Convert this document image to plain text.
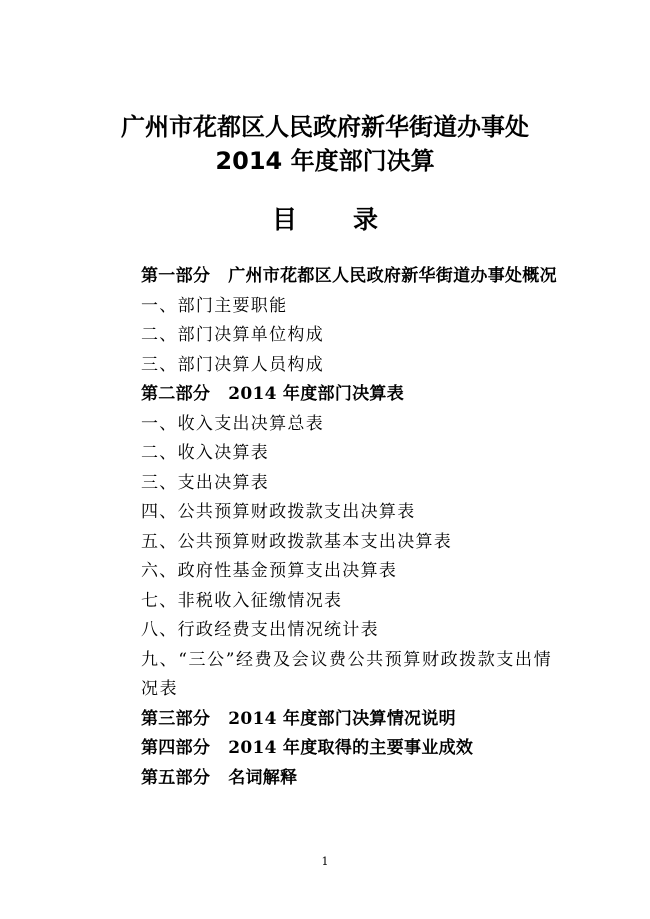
广州市花都区人民政府新华街道办事处
2014 年度部门决算
目 录
第一部分 广州市花都区人民政府新华街道办事处概况
一、部门主要职能
二、部门决算单位构成
三、部门决算人员构成
第二部分 2014 年度部门决算表
一、收入支出决算总表
二、收入决算表
三、支出决算表
四、公共预算财政拨款支出决算表
五、公共预算财政拨款基本支出决算表
六、政府性基金预算支出决算表
七、非税收入征缴情况表
八、行政经费支出情况统计表
九、“三公”经费及会议费公共预算财政拨款支出情况表
第三部分 2014 年度部门决算情况说明
第四部分 2014 年度取得的主要事业成效
第五部分 名词解释
1
